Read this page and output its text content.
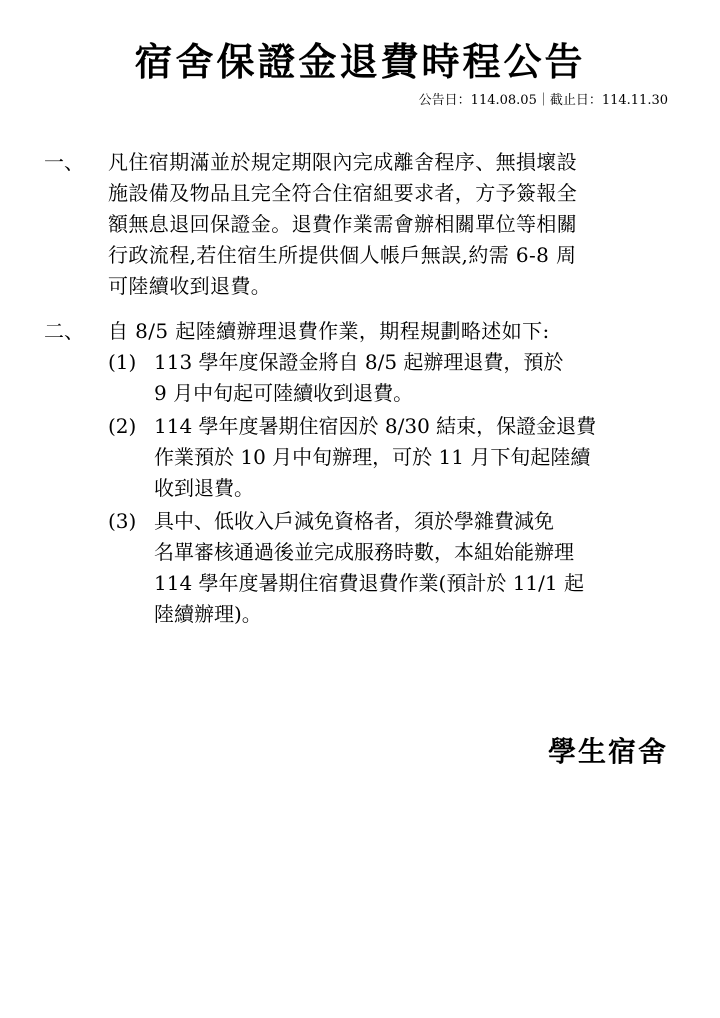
宿舍保證金退費時程公告
公告日：114.08.05｜截止日：114.11.30
一、 凡住宿期滿並於規定期限內完成離舍程序、無損壞設
施設備及物品且完全符合住宿組要求者，方予簽報全
額無息退回保證金。退費作業需會辦相關單位等相關
行政流程,若住宿生所提供個人帳戶無誤,約需 6-8 周
可陸續收到退費。
二、 自 8/5 起陸續辦理退費作業，期程規劃略述如下:
(1) 113 學年度保證金將自 8/5 起辦理退費，預於
9 月中旬起可陸續收到退費。
(2) 114 學年度暑期住宿因於 8/30 結束，保證金退費
作業預於 10 月中旬辦理，可於 11 月下旬起陸續
收到退費。
(3) 具中、低收入戶減免資格者，須於學雜費減免
名單審核通過後並完成服務時數，本組始能辦理
114 學年度暑期住宿費退費作業(預計於 11/1 起
陸續辦理)。
學生宿舍
